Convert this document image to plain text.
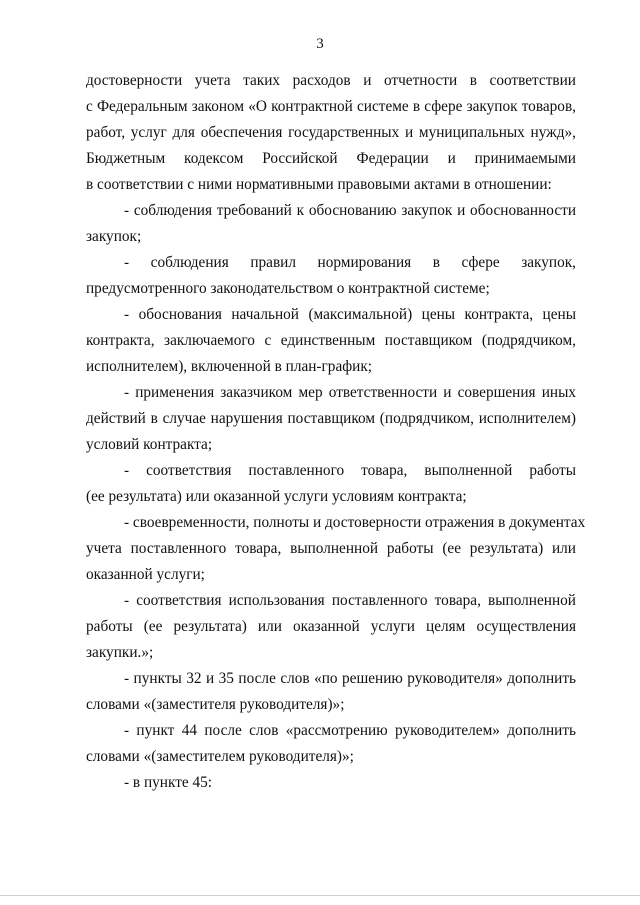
3

достоверности учета таких расходов и отчетности в соответствии
с Федеральным законом «О контрактной системе в сфере закупок товаров,
работ, услуг для обеспечения государственных и муниципальных нужд»,
Бюджетным кодексом Российской Федерации и принимаемыми
в соответствии с ними нормативными правовыми актами в отношении:

- соблюдения требований к обоснованию закупок и обоснованности
закупок;

- соблюдения правил нормирования в сфере закупок,
предусмотренного законодательством о контрактной системе;

- обоснования начальной (максимальной) цены контракта, цены
контракта, заключаемого с единственным поставщиком (подрядчиком,
исполнителем), включенной в план-график;

- применения заказчиком мер ответственности и совершения иных
действий в случае нарушения поставщиком (подрядчиком, исполнителем)
условий контракта;

- соответствия поставленного товара, выполненной работы
(ее результата) или оказанной услуги условиям контракта;

- своевременности, полноты и достоверности отражения в документах
учета поставленного товара, выполненной работы (ее результата) или
оказанной услуги;

- соответствия использования поставленного товара, выполненной
работы (ее результата) или оказанной услуги целям осуществления
закупки.»;

- пункты 32 и 35 после слов «по решению руководителя» дополнить
словами «(заместителя руководителя)»;

- пункт 44 после слов «рассмотрению руководителем» дополнить
словами «(заместителем руководителя)»;

- в пункте 45:
